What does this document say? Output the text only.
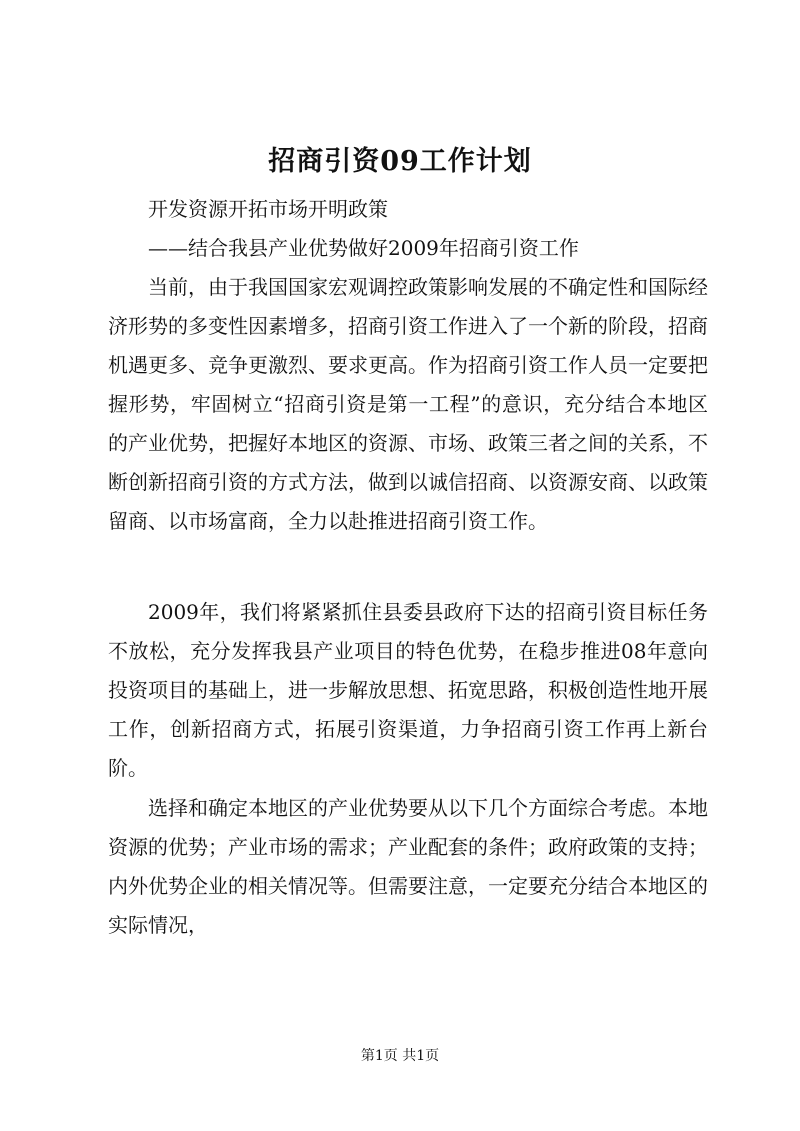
招商引资09工作计划
开发资源开拓市场开明政策
——结合我县产业优势做好2009年招商引资工作
当前，由于我国国家宏观调控政策影响发展的不确定性和国际经济形势的多变性因素增多，招商引资工作进入了一个新的阶段，招商机遇更多、竞争更激烈、要求更高。作为招商引资工作人员一定要把握形势，牢固树立“招商引资是第一工程”的意识，充分结合本地区的产业优势，把握好本地区的资源、市场、政策三者之间的关系，不断创新招商引资的方式方法，做到以诚信招商、以资源安商、以政策留商、以市场富商，全力以赴推进招商引资工作。
2009年，我们将紧紧抓住县委县政府下达的招商引资目标任务不放松，充分发挥我县产业项目的特色优势，在稳步推进08年意向投资项目的基础上，进一步解放思想、拓宽思路，积极创造性地开展工作，创新招商方式，拓展引资渠道，力争招商引资工作再上新台阶。
选择和确定本地区的产业优势要从以下几个方面综合考虑。本地资源的优势；产业市场的需求；产业配套的条件；政府政策的支持；内外优势企业的相关情况等。但需要注意，一定要充分结合本地区的实际情况，
第1页 共1页
